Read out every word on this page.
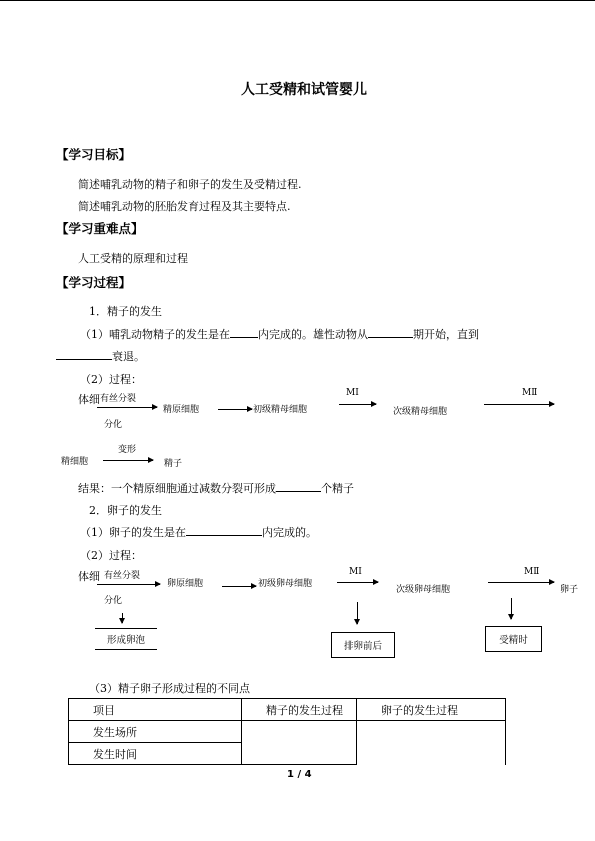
人工受精和试管婴儿
【学习目标】
简述哺乳动物的精子和卵子的发生及受精过程.
简述哺乳动物的胚胎发育过程及其主要特点.
【学习重难点】
人工受精的原理和过程
【学习过程】
1．精子的发生
（1）哺乳动物精子的发生是在	内完成的。雄性动物从	期开始，直到
衰退。
（2）过程：
体细 有丝分裂
分化
精原细胞	初级精母细胞
MⅠ
次级精母细胞
MⅡ
变形
精细胞	精子
结果：一个精原细胞通过减数分裂可形成	个精子
2．卵子的发生
（1）卵子的发生是在	内完成的。
（2）过程：
体细 有丝分裂
分化
卵原细胞	初级卵母细胞
MⅠ
次级卵母细胞
MⅡ
卵子
形成卵泡
排卵前后
受精时
（3）精子卵子形成过程的不同点
项目	精子的发生过程	卵子的发生过程
发生场所		
发生时间		
1 / 4
